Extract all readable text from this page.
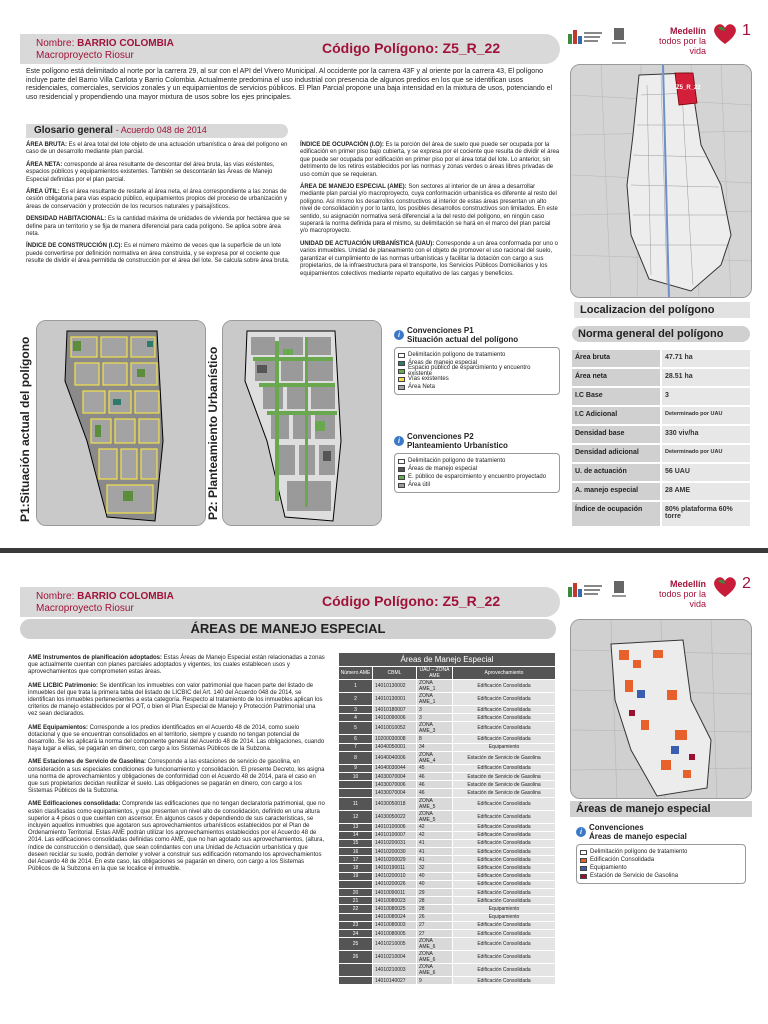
Nombre: BARRIO COLOMBIA
Macroproyecto Riosur	Código Polígono: Z5_R_22
Medellín
todos por la vida
1
Este polígono está delimitado al norte por la carrera 29, al sur con el API del Vivero Municipal. Al occidente por la carrera 43F y al oriente por la carrera 43, El polígono incluye parte del Barrio Villa Carlota y Barrio Colombia. Actualmente predomina el uso industrial con presencia de algunos predios en los que se identifican usos residenciales, comerciales, servicios zonales y un equipamientos de servicios públicos. El Plan Parcial propone una baja intensidad en la mixtura de usos, potenciando el uso residencial y propendiendo una mayor mixtura de usos sobre los ejes principales.
Glosario general - Acuerdo 048 de 2014

ÁREA BRUTA: Es el área total del lote objeto de una actuación urbanística o área del polígono en caso de un desarrollo mediante plan parcial.

ÁREA NETA: corresponde al área resultante de descontar del área bruta, las vías existentes, espacios públicos y equipamientos existentes. También se descontarán las Áreas de Manejo Especial definidas por el plan parcial.

ÁREA ÚTIL: Es el área resultante de restarle al área neta, el área correspondiente a las zonas de cesión obligatoria para vías espacio público, equipamientos propios del proceso de urbanización y áreas de conservación y protección de los recursos naturales y paisajísticos.

DENSIDAD HABITACIONAL: Es la cantidad máxima de unidades de vivienda por hectárea que se define para un territorio y se fija de manera diferencial para cada polígono. Se aplica sobre área neta.

ÍNDICE DE CONSTRUCCIÓN (I.C): Es el número máximo de veces que la superficie de un lote puede convertirse por definición normativa en área construida, y se expresa por el cociente que resulte de dividir el área permitida de construcción por el área del lote. Se calcula sobre área bruta.

ÍNDICE DE OCUPACIÓN (I.O): Es la porción del área de suelo que puede ser ocupada por la edificación en primer piso bajo cubierta, y se expresa por el cociente que resulta de dividir el área que puede ser ocupada por edificación en primer piso por el área total del lote. Lo anterior, sin detrimento de los retiros establecidos por las normas y zonas verdes o áreas libres privadas de uso común que se requieran.

ÁREA DE MANEJO ESPECIAL (AME): Son sectores al interior de un área a desarrollar mediante plan parcial y/o macroproyecto, cuya conformación urbanística es diferente al resto del polígono. Así mismo los desarrollos constructivos al interior de estas áreas presentan un alto nivel de consolidación y por lo tanto, los posibles desarrollos constructivos son limitados. En este sentido, su asignación normativa será diferencial a la del resto del polígono, en ningún caso superará la norma definida para el mismo, su delimitación se hará en el marco del plan parcial y/o macroproyecto.

UNIDAD DE ACTUACIÓN URBANÍSTICA (UAU): Corresponde a un área conformada por uno o varios inmuebles. Unidad de planeamiento con el objeto de promover el uso racional del suelo, garantizar el cumplimiento de las normas urbanísticas y facilitar la dotación con cargo a sus propietarios, de la infraestructura para el transporte, los Servicios Públicos Domiciliarios y los equipamientos colectivos mediante reparto equitativo de las cargas y beneficios.

Z5_R_22
Localizacion del polígono
P1:Situación actual del polígono	P2: Planteamiento Urbanístico
i Convenciones P1
Situación actual del polígono
Delimitación polígono de tratamiento
Áreas de manejo especial
Espacio público de esparcimiento y encuentro existente
Vías existentes
Área Neta
i Convenciones P2
Planteamiento Urbanístico
Delimitación polígono de tratamiento
Áreas de manejo especial
E. público de esparcimiento y encuentro proyectado
Área útil
Norma general del polígono
Área bruta	47.71 ha
Área neta	28.51 ha
I.C Base	3
I.C Adicional	Determinado por UAU
Densidad base	330 viv/ha
Densidad adicional	Determinado por UAU
U. de actuación	56 UAU
A. manejo especial	28 AME
Índice de ocupación	80% plataforma 60% torre
Nombre: BARRIO COLOMBIA
Macroproyecto Riosur	Código Polígono: Z5_R_22
Medellín
todos por la vida
2
ÁREAS DE MANEJO ESPECIAL

AME Instrumentos de planificación adoptados: Estas Áreas de Manejo Especial están relacionadas a zonas que actualmente cuentan con planes parciales adoptados y vigentes, los cuales establecen usos y aprovechamientos que comprometen estas áreas.

AME LICBIC Patrimonio: Se identifican los inmuebles con valor patrimonial que hacen parte del listado de inmuebles del que trata la primera tabla del listado de LICBIC del Art. 140 del Acuerdo 048 de 2014, se identifican los inmuebles pertenecientes a esta categoría. Respecto al tratamiento de los inmuebles aplican los criterios de manejo establecidos por el POT, o bien el Plan Especial de Manejo y Protección Patrimonial una vez sean declarados.

AME Equipamientos: Corresponde a los predios identificados en el Acuerdo 48 de 2014, como suelo dotacional y que se encuentran consolidados en el territorio, siempre y cuando no tengan potencial de desarrollo. Se les aplicará la norma del componente general del Acuerdo 48 de 2014. Las obligaciones, cuando haya lugar a ellas, se pagarán en dinero, con cargo a los Sistemas Públicos de la Subzona.

AME Estaciones de Servicio de Gasolina: Corresponde a las estaciones de servicio de gasolina, en consideración a sus especiales condiciones de funcionamiento y consolidación. El presente Decreto, les asigna una norma de aprovechamientos y obligaciones de conformidad con el Acuerdo 48 de 2014, para el caso en que sus propietarios decidan reutilizar el suelo. Las obligaciones se pagarán en dinero, con cargo a los Sistemas Públicos de la Subzona.

AME Edificaciones consolidada: Comprende las edificaciones que no tengan declaratoria patrimonial, que no estén clasificadas como equipamientos, y que presenten un nivel alto de consolidación, definido en una altura superior a 4 pisos o que cuenten con ascensor. En algunos casos y dependiendo de sus características, se incluyen aquellos inmuebles que agotaron sus aprovechamientos urbanísticos establecidos por el Plan de Ordenamiento Territorial. Estas AME podrán utilizar los aprovechamientos establecidos por el Acuerdo 48 de 2014. Las edificaciones consolidadas definidas como AME, que no han agotado sus aprovechamientos, (altura, índice de construcción o densidad), que sean colindantes con una Unidad de Actuación urbanística y que deseen reciclar su suelo, podrán demoler y volver a construir sus edificación retomando los aprovechamientos del Acuerdo 48 de 2014. En este caso, las obligaciones se pagarán en dinero, con cargo a los Sistemas Públicos de la Subzona en la que se localice el inmueble.

Áreas de Manejo Especial			
Número AME	CBML	UAU – ZONA AME	Aprovechamiento
1	14010130002	ZONA AME_1	Edificación Consolidada
2	14010130001	ZONA AME_1	Edificación Consolidada
3	14010180007	3	Edificación Consolidada
4	14010090006	3	Edificación Consolidada
5	14010010052	ZONA AME_3	Edificación Consolidada
6	10200030008	8	Edificación Consolidada
7	14040050001	34	Equipamiento
8	14040040006	ZONA AME_4	Estación de Servicio de Gasolina
9	14040030044	45	Edificación Consolidada
10	14030070004	46	Estación de Servicio de Gasolina
	14030070006	46	Estación de Servicio de Gasolina
	14030070004	46	Estación de Servicio de Gasolina
11	14030050018	ZONA AME_5	Edificación Consolidada
12	14030050022	ZONA AME_5	Edificación Consolidada
13	14010100006	42	Edificación Consolidada
14	14010100007	42	Edificación Consolidada
15	14010200031	41	Edificación Consolidada
16	14010200030	41	Edificación Consolidada
17	14010200029	41	Edificación Consolidada
18	14010190011	32	Edificación Consolidada
19	14010200010	40	Edificación Consolidada
	14010200026	40	Edificación Consolidada
20	14010090011	29	Edificación Consolidada
21	14010080023	28	Edificación Consolidada
22	14010080025	28	Equipamiento
	14010080024	26	Equipamiento
23	14010080003	27	Edificación Consolidada
24	14010080005	27	Edificación Consolidada
25	14010210005	ZONA AME_6	Edificación Consolidada
26	14010210004	ZONA AME_6	Edificación Consolidada
	14010210003	ZONA AME_6	Edificación Consolidada
	14010140027	9	Edificación Consolidada
Áreas de manejo especial
i Convenciones
Áreas de manejo especial
Delimitación polígono de tratamiento
Edificación Consolidada
Equipamiento
Estación de Servicio de Gasolina
